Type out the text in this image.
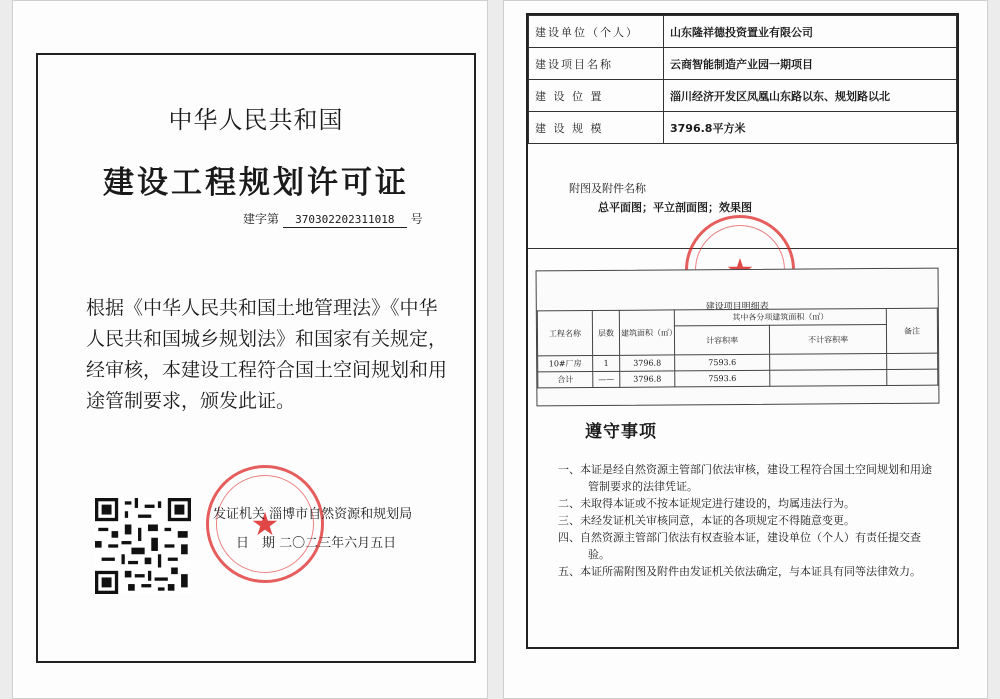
中华人民共和国
建设工程规划许可证
建字第 370302202311018 号
根据《中华人民共和国土地管理法》《中华人民共和国城乡规划法》和国家有关规定，经审核，本建设工程符合国土空间规划和用途管制要求，颁发此证。
★
发证机关 淄博市自然资源和规划局
日　期 二〇二三年六月五日
建设单位（个人）	山东隆祥德投资置业有限公司
建设项目名称	云商智能制造产业园一期项目
建 设 位 置	淄川经济开发区凤凰山东路以东、规划路以北
建 设 规 模	3796.8平方米
附图及附件名称
总平面图；平立剖面图；效果图
建设项目明细表
工程名称	层数	建筑面积（㎡）	其中各分项建筑面积（㎡）		备注
			计容积率	不计容积率	
10#厂房	1	3796.8	7593.6		
合计	——	3796.8	7593.6		
遵守事项
一、本证是经自然资源主管部门依法审核，建设工程符合国土空间规划和用途管制要求的法律凭证。
二、未取得本证或不按本证规定进行建设的，均属违法行为。
三、未经发证机关审核同意，本证的各项规定不得随意变更。
四、自然资源主管部门依法有权查验本证，建设单位（个人）有责任提交查验。
五、本证所需附图及附件由发证机关依法确定，与本证具有同等法律效力。
